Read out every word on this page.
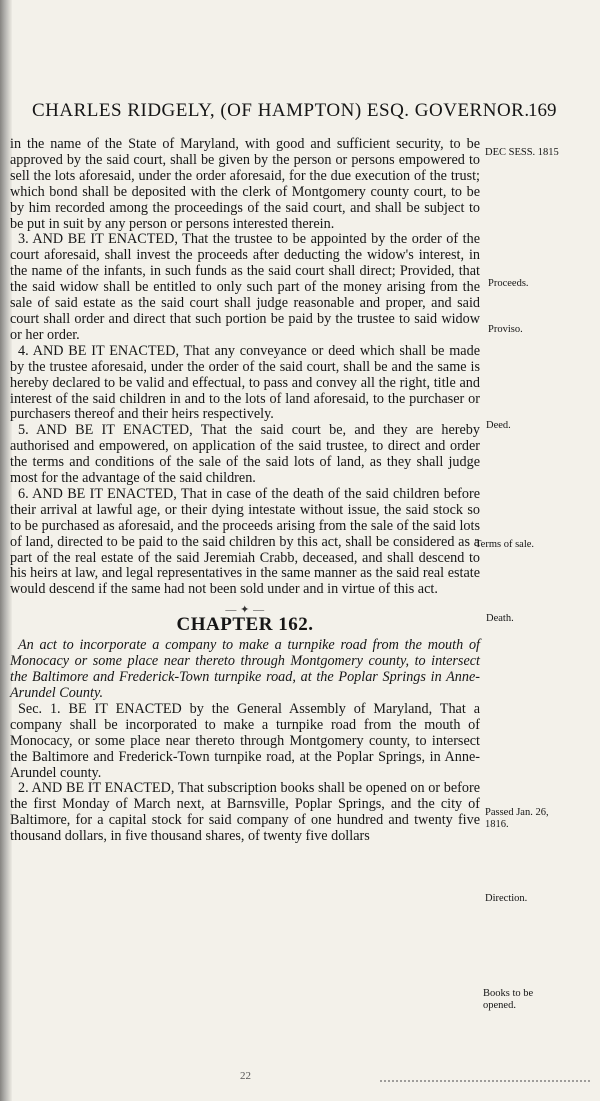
CHARLES RIDGELY, (OF HAMPTON) ESQ. GOVERNOR.
169

in the name of the State of Maryland, with good and sufficient security, to be approved by the said court, shall be given by the person or persons empowered to sell the lots aforesaid, under the order aforesaid, for the due execution of the trust; which bond shall be deposited with the clerk of Montgomery county court, to be by him recorded among the proceedings of the said court, and shall be subject to be put in suit by any person or persons interested therein.

3. AND BE IT ENACTED, That the trustee to be appointed by the order of the court aforesaid, shall invest the proceeds after deducting the widow's interest, in the name of the infants, in such funds as the said court shall direct; Provided, that the said widow shall be entitled to only such part of the money arising from the sale of said estate as the said court shall judge reasonable and proper, and said court shall order and direct that such portion be paid by the trustee to said widow or her order.

4. AND BE IT ENACTED, That any conveyance or deed which shall be made by the trustee aforesaid, under the order of the said court, shall be and the same is hereby declared to be valid and effectual, to pass and convey all the right, title and interest of the said children in and to the lots of land aforesaid, to the purchaser or purchasers thereof and their heirs respectively.

5. AND BE IT ENACTED, That the said court be, and they are hereby authorised and empowered, on application of the said trustee, to direct and order the terms and conditions of the sale of the said lots of land, as they shall judge most for the advantage of the said children.

6. AND BE IT ENACTED, That in case of the death of the said children before their arrival at lawful age, or their dying intestate without issue, the said stock so to be purchased as aforesaid, and the proceeds arising from the sale of the said lots of land, directed to be paid to the said children by this act, shall be considered as a part of the real estate of the said Jeremiah Crabb, deceased, and shall descend to his heirs at law, and legal representatives in the same manner as the said real estate would descend if the same had not been sold under and in virtue of this act.

— ✦ —
CHAPTER 162.

An act to incorporate a company to make a turnpike road from the mouth of Monocacy or some place near thereto through Montgomery county, to intersect the Baltimore and Frederick-Town turnpike road, at the Poplar Springs in Anne-Arundel County.

Sec. 1. BE IT ENACTED by the General Assembly of Maryland, That a company shall be incorporated to make a turnpike road from the mouth of Monocacy, or some place near thereto through Montgomery county, to intersect the Baltimore and Frederick-Town turnpike road, at the Poplar Springs, in Anne-Arundel county.

2. AND BE IT ENACTED, That subscription books shall be opened on or before the first Monday of March next, at Barnsville, Poplar Springs, and the city of Baltimore, for a capital stock for said company of one hundred and twenty five thousand dollars, in five thousand shares, of twenty five dollars

DEC SESS. 1815
Proceeds.
Proviso.
Deed.
Terms of sale.
Death.
Passed Jan. 26, 1816.
Direction.
Books to be opened.
22
